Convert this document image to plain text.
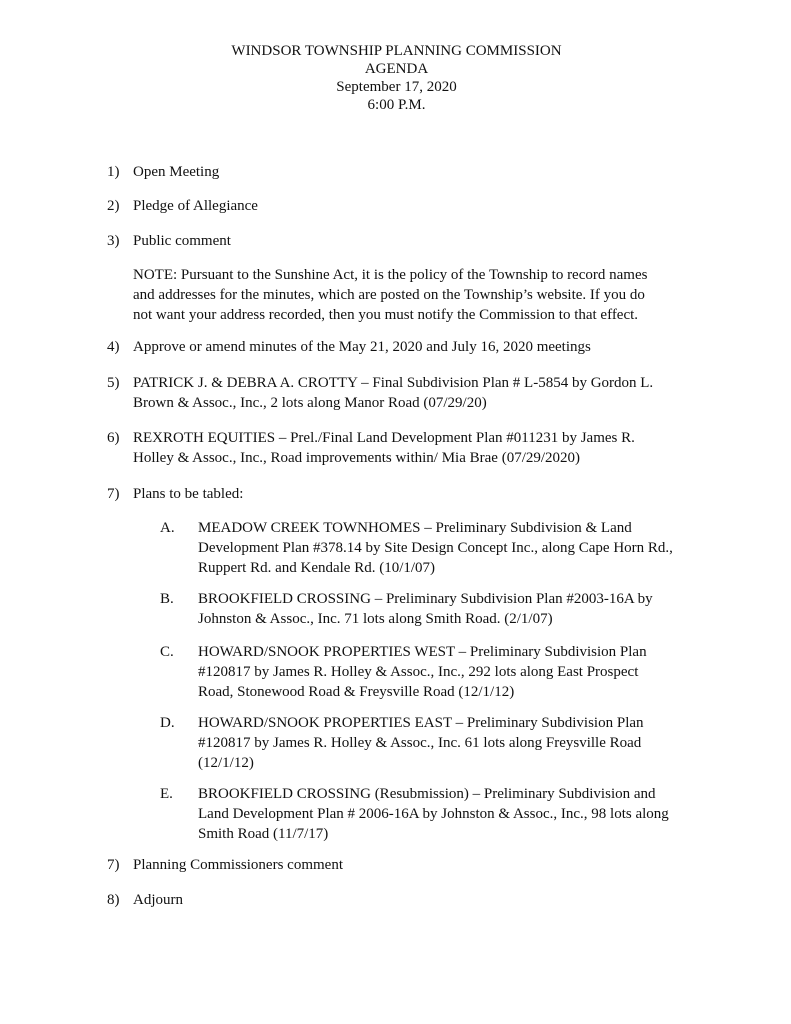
WINDSOR TOWNSHIP PLANNING COMMISSION
AGENDA
September 17, 2020
6:00 P.M.
1) Open Meeting
2) Pledge of Allegiance
3) Public comment
NOTE: Pursuant to the Sunshine Act, it is the policy of the Township to record names
and addresses for the minutes, which are posted on the Township’s website. If you do
not want your address recorded, then you must notify the Commission to that effect.
4) Approve or amend minutes of the May 21, 2020 and July 16, 2020 meetings
5) PATRICK J. & DEBRA A. CROTTY – Final Subdivision Plan # L-5854 by Gordon L.
Brown & Assoc., Inc., 2 lots along Manor Road (07/29/20)
6) REXROTH EQUITIES – Prel./Final Land Development Plan #011231 by James R.
Holley & Assoc., Inc., Road improvements within/ Mia Brae (07/29/2020)
7) Plans to be tabled:
A. MEADOW CREEK TOWNHOMES – Preliminary Subdivision & Land
Development Plan #378.14 by Site Design Concept Inc., along Cape Horn Rd.,
Ruppert Rd. and Kendale Rd. (10/1/07)
B. BROOKFIELD CROSSING – Preliminary Subdivision Plan #2003-16A by
Johnston & Assoc., Inc. 71 lots along Smith Road. (2/1/07)
C. HOWARD/SNOOK PROPERTIES WEST – Preliminary Subdivision Plan
#120817 by James R. Holley & Assoc., Inc., 292 lots along East Prospect
Road, Stonewood Road & Freysville Road (12/1/12)
D. HOWARD/SNOOK PROPERTIES EAST – Preliminary Subdivision Plan
#120817 by James R. Holley & Assoc., Inc. 61 lots along Freysville Road
(12/1/12)
E. BROOKFIELD CROSSING (Resubmission) – Preliminary Subdivision and
Land Development Plan # 2006-16A by Johnston & Assoc., Inc., 98 lots along
Smith Road (11/7/17)
7) Planning Commissioners comment
8) Adjourn
